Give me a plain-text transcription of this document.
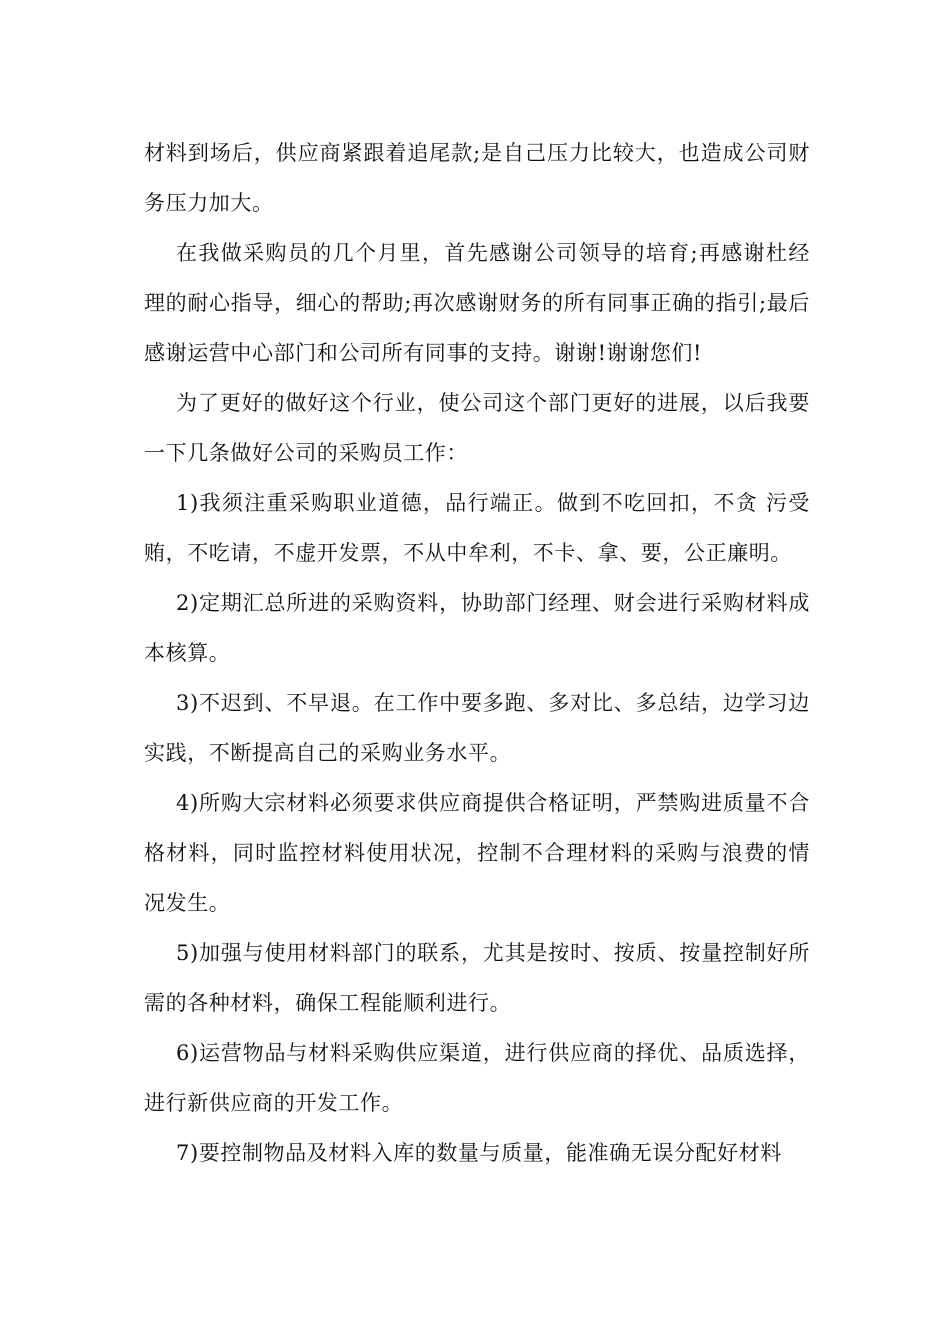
材料到场后，供应商紧跟着追尾款;是自己压力比较大，也造成公司财务压力加大。

在我做采购员的几个月里，首先感谢公司领导的培育;再感谢杜经理的耐心指导，细心的帮助;再次感谢财务的所有同事正确的指引;最后感谢运营中心部门和公司所有同事的支持。谢谢!谢谢您们!

为了更好的做好这个行业，使公司这个部门更好的进展，以后我要一下几条做好公司的采购员工作：

1)我须注重采购职业道德，品行端正。做到不吃回扣，不贪 污受贿，不吃请，不虚开发票，不从中牟利，不卡、拿、要，公正廉明。

2)定期汇总所进的采购资料，协助部门经理、财会进行采购材料成本核算。

3)不迟到、不早退。在工作中要多跑、多对比、多总结，边学习边实践，不断提高自己的采购业务水平。

4)所购大宗材料必须要求供应商提供合格证明，严禁购进质量不合格材料，同时监控材料使用状况，控制不合理材料的采购与浪费的情况发生。

5)加强与使用材料部门的联系，尤其是按时、按质、按量控制好所需的各种材料，确保工程能顺利进行。

6)运营物品与材料采购供应渠道，进行供应商的择优、品质选择，进行新供应商的开发工作。

7)要控制物品及材料入库的数量与质量，能准确无误分配好材料
